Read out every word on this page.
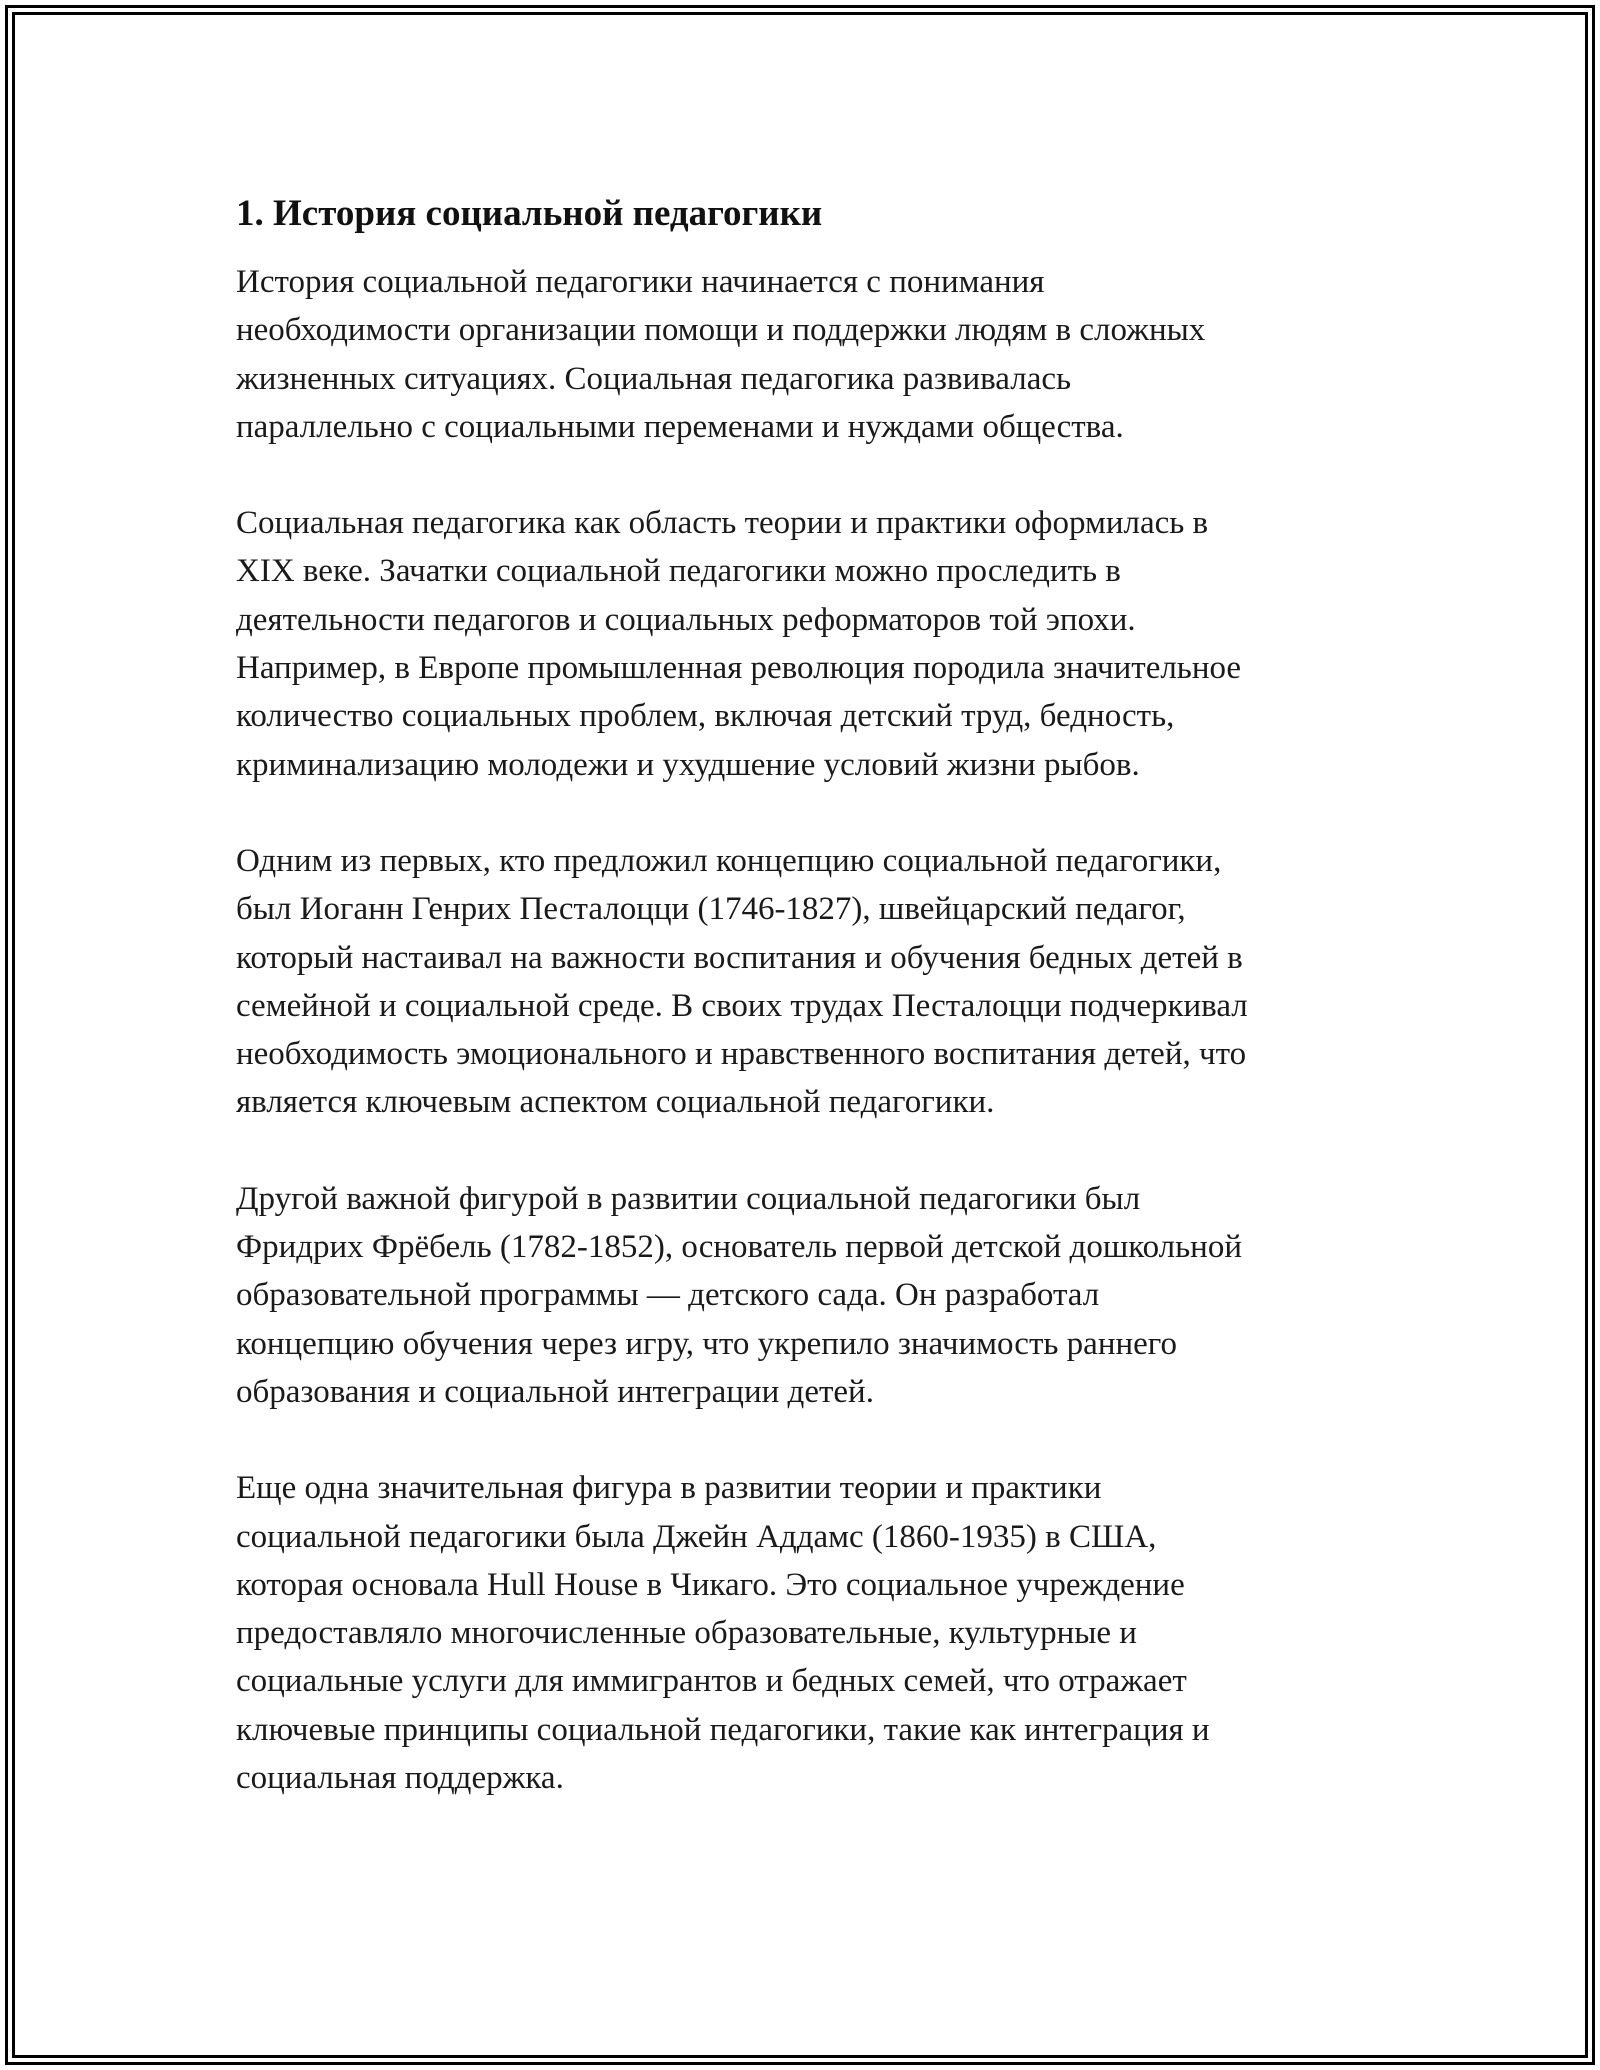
1. История социальной педагогики

История социальной педагогики начинается с понимания
необходимости организации помощи и поддержки людям в сложных
жизненных ситуациях. Социальная педагогика развивалась
параллельно с социальными переменами и нуждами общества.

Социальная педагогика как область теории и практики оформилась в
XIX веке. Зачатки социальной педагогики можно проследить в
деятельности педагогов и социальных реформаторов той эпохи.
Например, в Европе промышленная революция породила значительное
количество социальных проблем, включая детский труд, бедность,
криминализацию молодежи и ухудшение условий жизни рыбов.

Одним из первых, кто предложил концепцию социальной педагогики,
был Иоганн Генрих Песталоцци (1746-1827), швейцарский педагог,
который настаивал на важности воспитания и обучения бедных детей в
семейной и социальной среде. В своих трудах Песталоцци подчеркивал
необходимость эмоционального и нравственного воспитания детей, что
является ключевым аспектом социальной педагогики.

Другой важной фигурой в развитии социальной педагогики был
Фридрих Фрёбель (1782-1852), основатель первой детской дошкольной
образовательной программы — детского сада. Он разработал
концепцию обучения через игру, что укрепило значимость раннего
образования и социальной интеграции детей.

Еще одна значительная фигура в развитии теории и практики
социальной педагогики была Джейн Аддамс (1860-1935) в США,
которая основала Hull House в Чикаго. Это социальное учреждение
предоставляло многочисленные образовательные, культурные и
социальные услуги для иммигрантов и бедных семей, что отражает
ключевые принципы социальной педагогики, такие как интеграция и
социальная поддержка.
